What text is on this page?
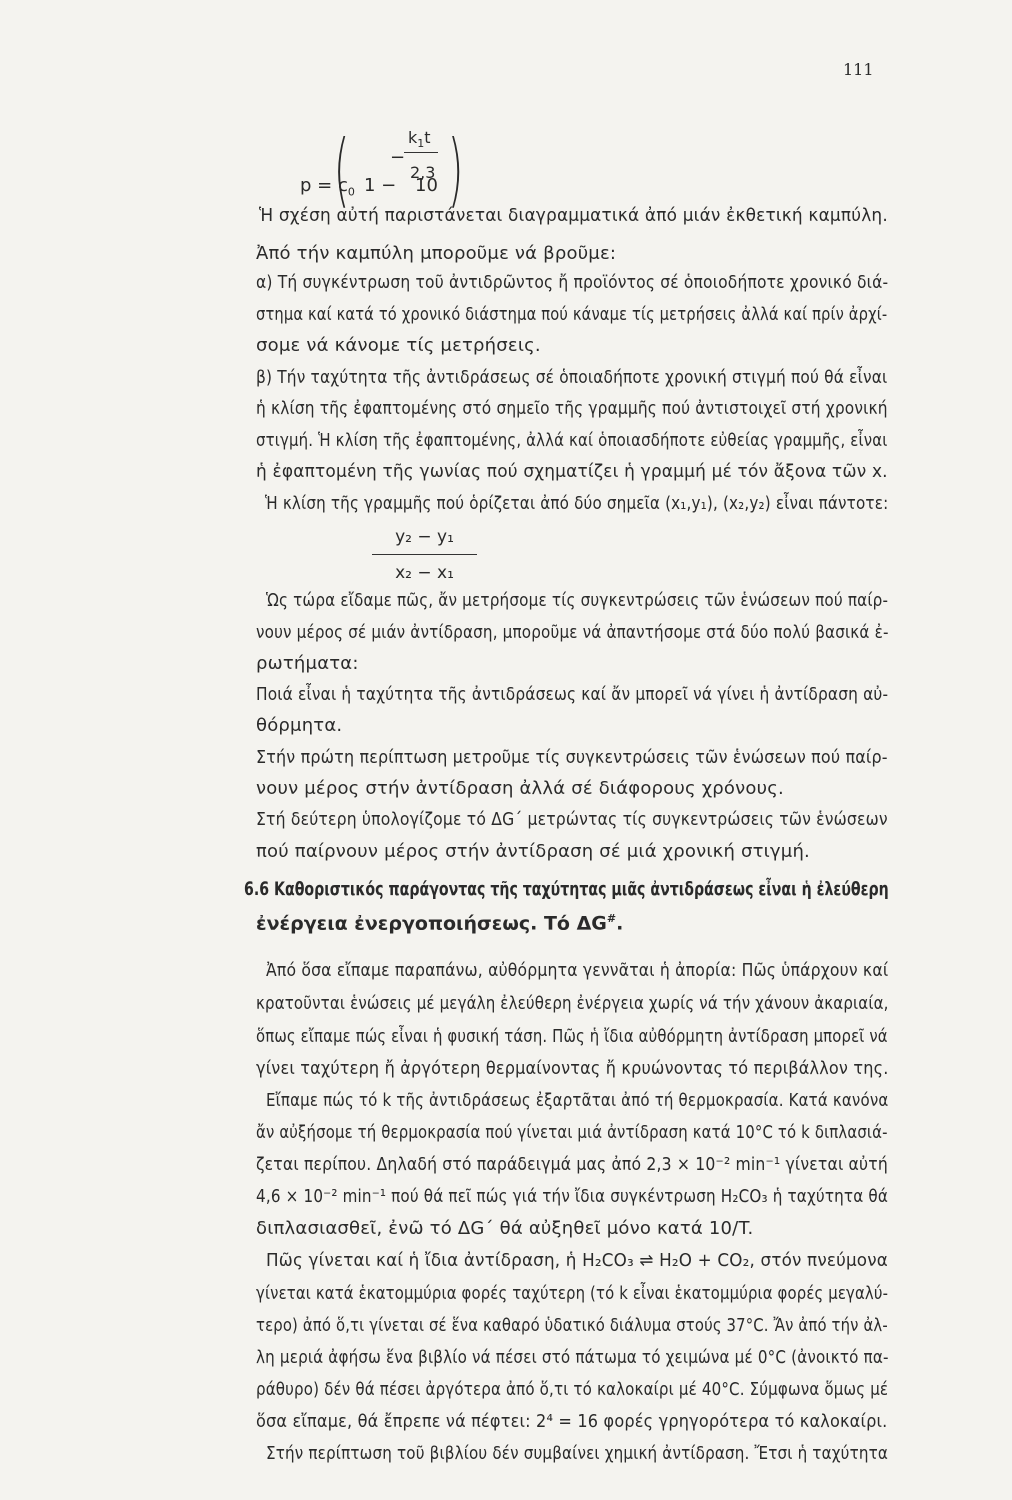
111
$p = c_0$
( 1 − 10
−
$k_1t$
2,3 )
Ἡ σχέση αὐτή παριστάνεται διαγραμματικά ἀπό μιάν ἐκθετική καμπύλη.
Ἀπό τήν καμπύλη μποροῦμε νά βροῦμε:
α) Τή συγκέντρωση τοῦ ἀντιδρῶντος ἤ προϊόντος σέ ὁποιοδήποτε χρονικό διά-
στημα καί κατά τό χρονικό διάστημα πού κάναμε τίς μετρήσεις ἀλλά καί πρίν ἀρχί-
σομε νά κάνομε τίς μετρήσεις.
β) Τήν ταχύτητα τῆς ἀντιδράσεως σέ ὁποιαδήποτε χρονική στιγμή πού θά εἶναι
ἡ κλίση τῆς ἐφαπτομένης στό σημεῖο τῆς γραμμῆς πού ἀντιστοιχεῖ στή χρονική
στιγμή. Ἡ κλίση τῆς ἐφαπτομένης, ἀλλά καί ὁποιασδήποτε εὐθείας γραμμῆς, εἶναι
ἡ ἐφαπτομένη τῆς γωνίας πού σχηματίζει ἡ γραμμή μέ τόν ἄξονα τῶν x.
Ἡ κλίση τῆς γραμμῆς πού ὁρίζεται ἀπό δύο σημεῖα (x₁,y₁), (x₂,y₂) εἶναι πάντοτε:
y₂ − y₁
x₂ − x₁
Ὡς τώρα εἴδαμε πῶς, ἄν μετρήσομε τίς συγκεντρώσεις τῶν ἑνώσεων πού παίρ-
νουν μέρος σέ μιάν ἀντίδραση, μποροῦμε νά ἀπαντήσομε στά δύο πολύ βασικά ἐ-
ρωτήματα:
Ποιά εἶναι ἡ ταχύτητα τῆς ἀντιδράσεως καί ἄν μπορεῖ νά γίνει ἡ ἀντίδραση αὐ-
θόρμητα.
Στήν πρώτη περίπτωση μετροῦμε τίς συγκεντρώσεις τῶν ἑνώσεων πού παίρ-
νουν μέρος στήν ἀντίδραση ἀλλά σέ διάφορους χρόνους.
Στή δεύτερη ὑπολογίζομε τό ΔG΄ μετρώντας τίς συγκεντρώσεις τῶν ἑνώσεων
πού παίρνουν μέρος στήν ἀντίδραση σέ μιά χρονική στιγμή.
6.6 Καθοριστικός παράγοντας τῆς ταχύτητας μιᾶς ἀντιδράσεως εἶναι ἡ ἐλεύθερη
ἐνέργεια ἐνεργοποιήσεως. Τό ΔG#.
Ἀπό ὅσα εἴπαμε παραπάνω, αὐθόρμητα γεννᾶται ἡ ἀπορία: Πῶς ὑπάρχουν καί
κρατοῦνται ἑνώσεις μέ μεγάλη ἐλεύθερη ἐνέργεια χωρίς νά τήν χάνουν ἀκαριαία,
ὅπως εἴπαμε πώς εἶναι ἡ φυσική τάση. Πῶς ἡ ἴδια αὐθόρμητη ἀντίδραση μπορεῖ νά
γίνει ταχύτερη ἤ ἀργότερη θερμαίνοντας ἤ κρυώνοντας τό περιβάλλον της.
Εἴπαμε πώς τό k τῆς ἀντιδράσεως ἐξαρτᾶται ἀπό τή θερμοκρασία. Κατά κανόνα
ἄν αὐξήσομε τή θερμοκρασία πού γίνεται μιά ἀντίδραση κατά 10°C τό k διπλασιά-
ζεται περίπου. Δηλαδή στό παράδειγμά μας ἀπό 2,3 × 10⁻² min⁻¹ γίνεται αὐτή
4,6 × 10⁻² min⁻¹ πού θά πεῖ πώς γιά τήν ἴδια συγκέντρωση H₂CO₃ ἡ ταχύτητα θά
διπλασιασθεῖ, ἐνῶ τό ΔG΄ θά αὐξηθεῖ μόνο κατά 10/T.
Πῶς γίνεται καί ἡ ἴδια ἀντίδραση, ἡ H₂CO₃ ⇌ H₂O + CO₂, στόν πνεύμονα
γίνεται κατά ἑκατομμύρια φορές ταχύτερη (τό k εἶναι ἑκατομμύρια φορές μεγαλύ-
τερο) ἀπό ὅ,τι γίνεται σέ ἕνα καθαρό ὑδατικό διάλυμα στούς 37°C. Ἄν ἀπό τήν ἀλ-
λη μεριά ἀφήσω ἕνα βιβλίο νά πέσει στό πάτωμα τό χειμώνα μέ 0°C (ἀνοικτό πα-
ράθυρο) δέν θά πέσει ἀργότερα ἀπό ὅ,τι τό καλοκαίρι μέ 40°C. Σύμφωνα ὅμως μέ
ὅσα εἴπαμε, θά ἔπρεπε νά πέφτει: 2⁴ = 16 φορές γρηγορότερα τό καλοκαίρι.
Στήν περίπτωση τοῦ βιβλίου δέν συμβαίνει χημική ἀντίδραση. Ἔτσι ἡ ταχύτητα
